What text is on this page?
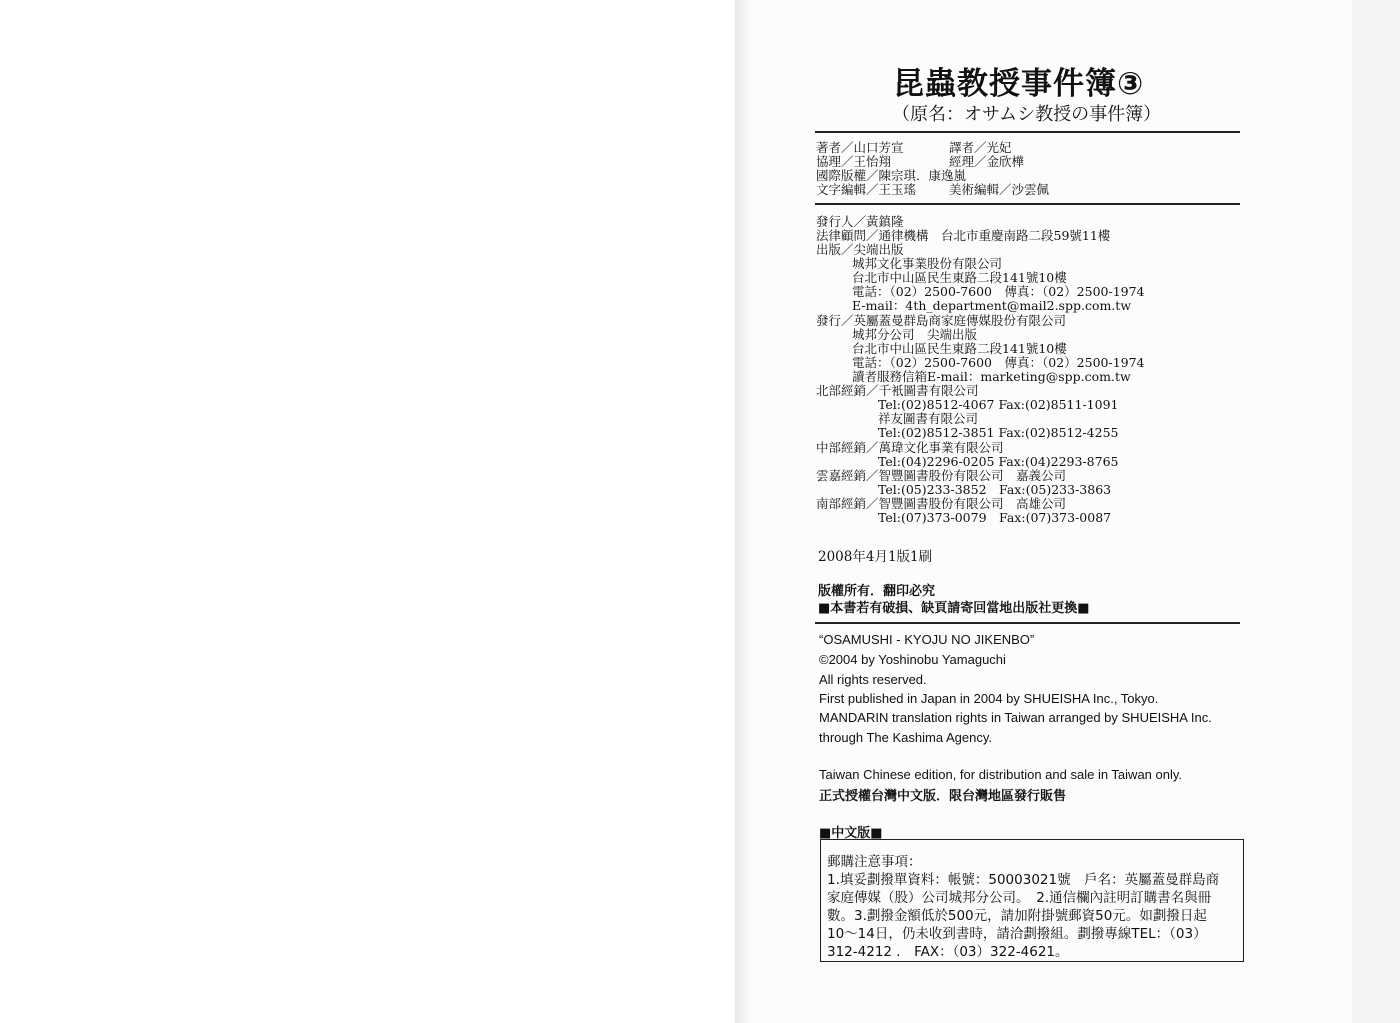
昆蟲教授事件簿③
（原名：オサムシ教授の事件簿）
著者／山口芳宣	譯者／光妃
協理／王怡翔	經理／金欣樺
國際版權／陳宗琪．康逸嵐
文字編輯／王玉瑤	美術編輯／沙雲佩
發行人／黃鎮隆
法律顧問／通律機構　台北市重慶南路二段59號11樓
出版／尖端出版
城邦文化事業股份有限公司
台北市中山區民生東路二段141號10樓
電話：（02）2500-7600　傳真：（02）2500-1974
E-mail：4th_department@mail2.spp.com.tw
發行／英屬蓋曼群島商家庭傳媒股份有限公司
城邦分公司　尖端出版
台北市中山區民生東路二段141號10樓
電話：（02）2500-7600　傳真：（02）2500-1974
讀者服務信箱E-mail：marketing@spp.com.tw
北部經銷／千衹圖書有限公司
Tel:(02)8512-4067 Fax:(02)8511-1091
祥友圖書有限公司
Tel:(02)8512-3851 Fax:(02)8512-4255
中部經銷／萬瑋文化事業有限公司
Tel:(04)2296-0205 Fax:(04)2293-8765
雲嘉經銷／智豐圖書股份有限公司　嘉義公司
Tel:(05)233-3852　Fax:(05)233-3863
南部經銷／智豐圖書股份有限公司　高雄公司
Tel:(07)373-0079　Fax:(07)373-0087
2008年4月1版1刷
版權所有．翻印必究
■本書若有破損、缺頁請寄回當地出版社更換■
“OSAMUSHI - KYOJU NO JIKENBO”
©2004 by Yoshinobu Yamaguchi
All rights reserved.
First published in Japan in 2004 by SHUEISHA Inc., Tokyo.
MANDARIN translation rights in Taiwan arranged by SHUEISHA Inc.
through The Kashima Agency.
Taiwan Chinese edition, for distribution and sale in Taiwan only.
正式授權台灣中文版．限台灣地區發行販售
■中文版■
郵購注意事項：
1.填妥劃撥單資料：帳號：50003021號　戶名：英屬蓋曼群島商
家庭傳媒（股）公司城邦分公司。　2.通信欄內註明訂購書名與冊
數。3.劃撥金額低於500元，請加附掛號郵資50元。如劃撥日起
10～14日，仍未收到書時，請洽劃撥組。劃撥專線TEL：（03）
312-4212 ． FAX：（03）322-4621。
